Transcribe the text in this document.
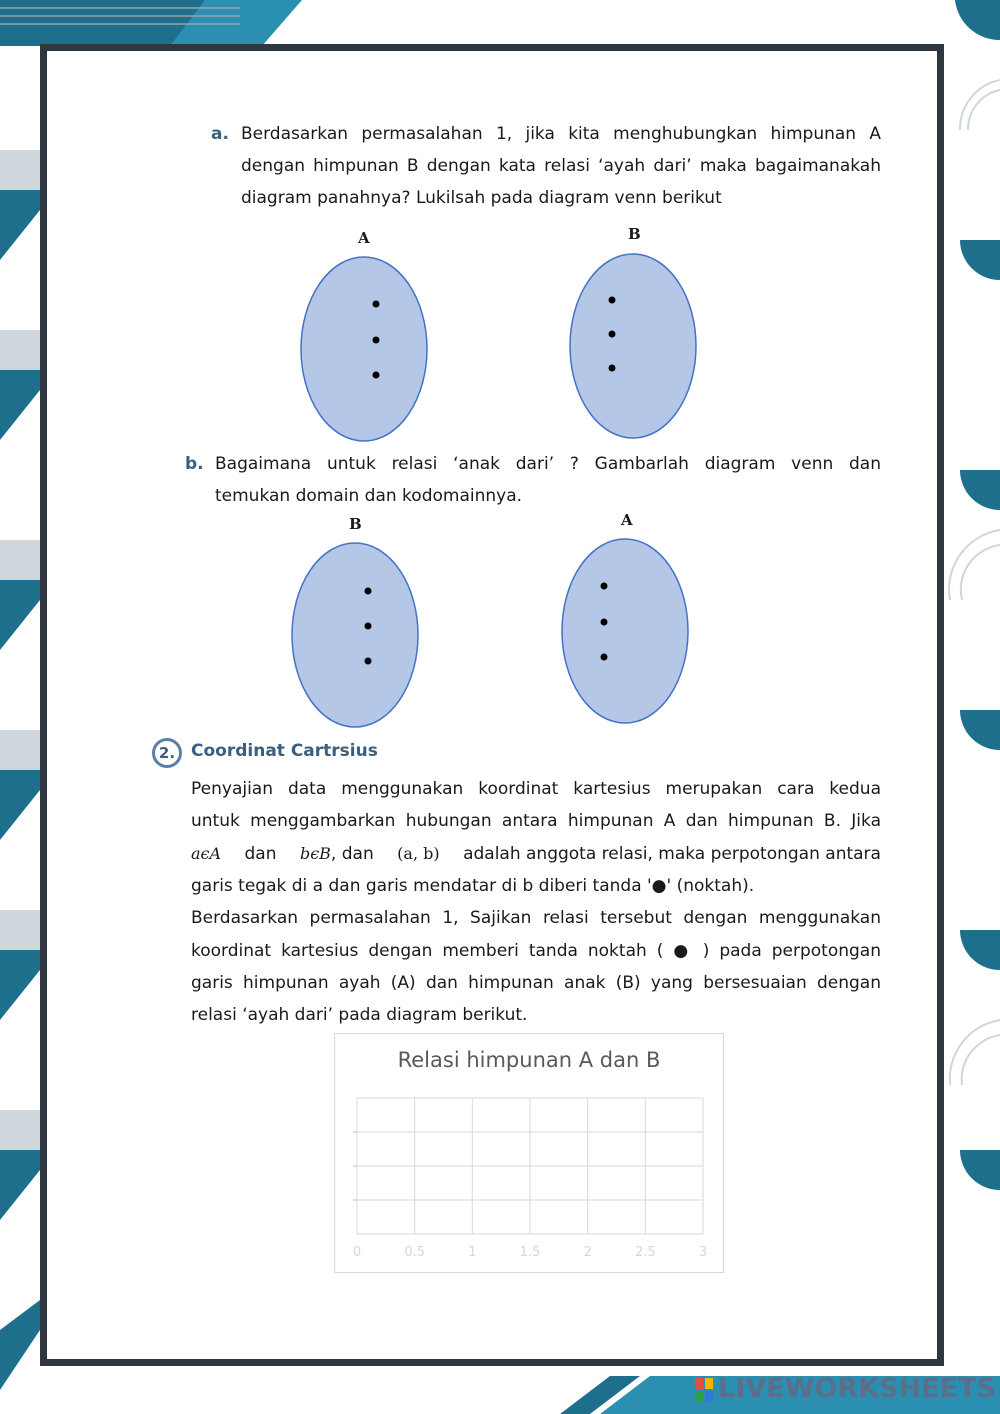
a. Berdasarkan permasalahan 1, jika kita menghubungkan himpunan A
dengan himpunan B dengan kata relasi ‘ayah dari’ maka bagaimanakah
diagram panahnya? Lukilsah pada diagram venn berikut
A	B
b. Bagaimana untuk relasi ‘anak dari’ ? Gambarlah diagram venn dan
temukan domain dan kodomainnya.
B	A
2. Coordinat Cartrsius
Penyajian data menggunakan koordinat kartesius merupakan cara kedua
untuk menggambarkan hubungan antara himpunan A dan himpunan B. Jika
aϵA dan bϵB, dan (a, b) adalah anggota relasi, maka perpotongan antara
garis tegak di a dan garis mendatar di b diberi tanda '●' (noktah).
Berdasarkan permasalahan 1, Sajikan relasi tersebut dengan menggunakan
koordinat kartesius dengan memberi tanda noktah ( ● ) pada perpotongan
garis himpunan ayah (A) dan himpunan anak (B) yang bersesuaian dengan
relasi ‘ayah dari’ pada diagram berikut.
Relasi himpunan A dan B
0	0.5	1	1.5	2	2.5	3
LIVEWORKSHEETS
